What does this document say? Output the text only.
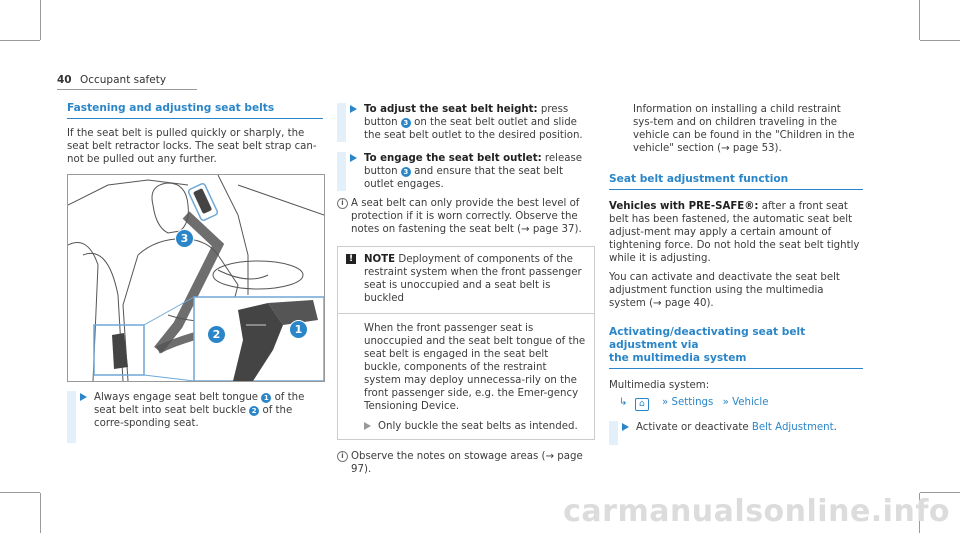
40 Occupant safety
Fastening and adjusting seat belts

If the seat belt is pulled quickly or sharply, the seat belt retractor locks. The seat belt strap can-not be pulled out any further.

3
2	1
Always engage seat belt tongue 1 of the seat belt into seat belt buckle 2 of the corre-sponding seat.
To adjust the seat belt height: press button 3 on the seat belt outlet and slide the seat belt outlet to the desired position.
To engage the seat belt outlet: release button 3 and ensure that the seat belt outlet engages.
i A seat belt can only provide the best level of protection if it is worn correctly. Observe the notes on fastening the seat belt (→ page 37).
! NOTE Deployment of components of the restraint system when the front passenger seat is unoccupied and a seat belt is buckled

When the front passenger seat is unoccupied and the seat belt tongue of the seat belt is engaged in the seat belt buckle, components of the restraint system may deploy unnecessa-rily on the front passenger side, e.g. the Emer-gency Tensioning Device.

Only buckle the seat belts as intended.
i Observe the notes on stowage areas (→ page 97).
Information on installing a child restraint sys-tem and on children traveling in the vehicle can be found in the "Children in the vehicle" section (→ page 53).
Seat belt adjustment function

Vehicles with PRE-SAFE®: after a front seat belt has been fastened, the automatic seat belt adjust-ment may apply a certain amount of tightening force. Do not hold the seat belt tightly while it is adjusting.

You can activate and deactivate the seat belt adjustment function using the multimedia system (→ page 40).

Activating/deactivating seat belt adjustment via
the multimedia system

Multimedia system:

↳ ⌂ » Settings » Vehicle
Activate or deactivate Belt Adjustment.
carmanualsonline.info
